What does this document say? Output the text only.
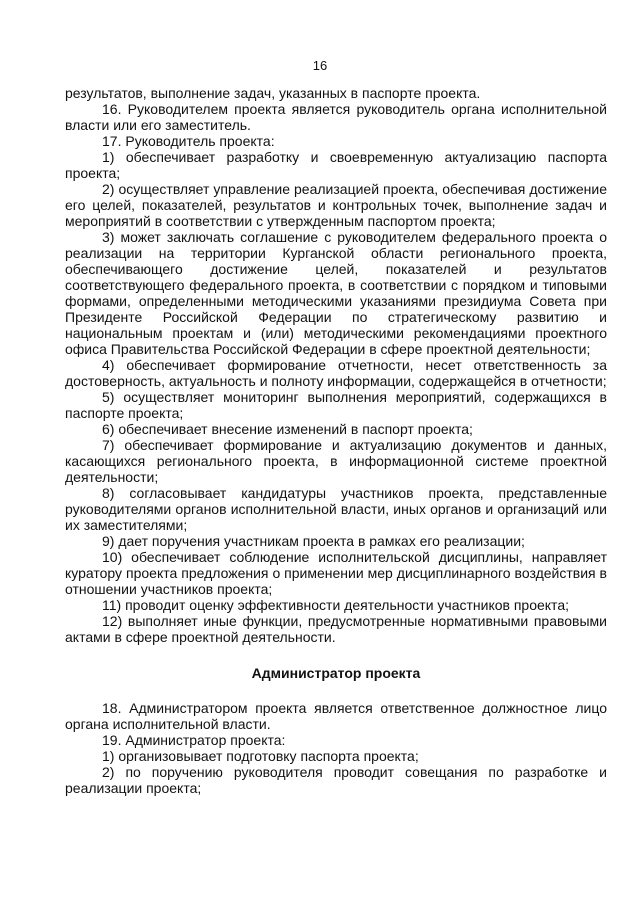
16

результатов, выполнение задач, указанных в паспорте проекта.

16. Руководителем проекта является руководитель органа исполнительной власти или его заместитель.

17. Руководитель проекта:

1) обеспечивает разработку и своевременную актуализацию паспорта проекта;

2) осуществляет управление реализацией проекта, обеспечивая достижение его целей, показателей, результатов и контрольных точек, выполнение задач и мероприятий в соответствии с утвержденным паспортом проекта;

3) может заключать соглашение с руководителем федерального проекта о реализации на территории Курганской области регионального проекта, обеспечивающего достижение целей, показателей и результатов соответствующего федерального проекта, в соответствии с порядком и типовыми формами, определенными методическими указаниями президиума Совета при Президенте Российской Федерации по стратегическому развитию и национальным проектам и (или) методическими рекомендациями проектного офиса Правительства Российской Федерации в сфере проектной деятельности;

4) обеспечивает формирование отчетности, несет ответственность за достоверность, актуальность и полноту информации, содержащейся в отчетности;

5) осуществляет мониторинг выполнения мероприятий, содержащихся в паспорте проекта;

6) обеспечивает внесение изменений в паспорт проекта;

7) обеспечивает формирование и актуализацию документов и данных, касающихся регионального проекта, в информационной системе проектной деятельности;

8) согласовывает кандидатуры участников проекта, представленные руководителями органов исполнительной власти, иных органов и организаций или их заместителями;

9) дает поручения участникам проекта в рамках его реализации;

10) обеспечивает соблюдение исполнительской дисциплины, направляет куратору проекта предложения о применении мер дисциплинарного воздействия в отношении участников проекта;

11) проводит оценку эффективности деятельности участников проекта;

12) выполняет иные функции, предусмотренные нормативными правовыми актами в сфере проектной деятельности.

Администратор проекта

18. Администратором проекта является ответственное должностное лицо органа исполнительной власти.

19. Администратор проекта:

1) организовывает подготовку паспорта проекта;

2) по поручению руководителя проводит совещания по разработке и реализации проекта;
